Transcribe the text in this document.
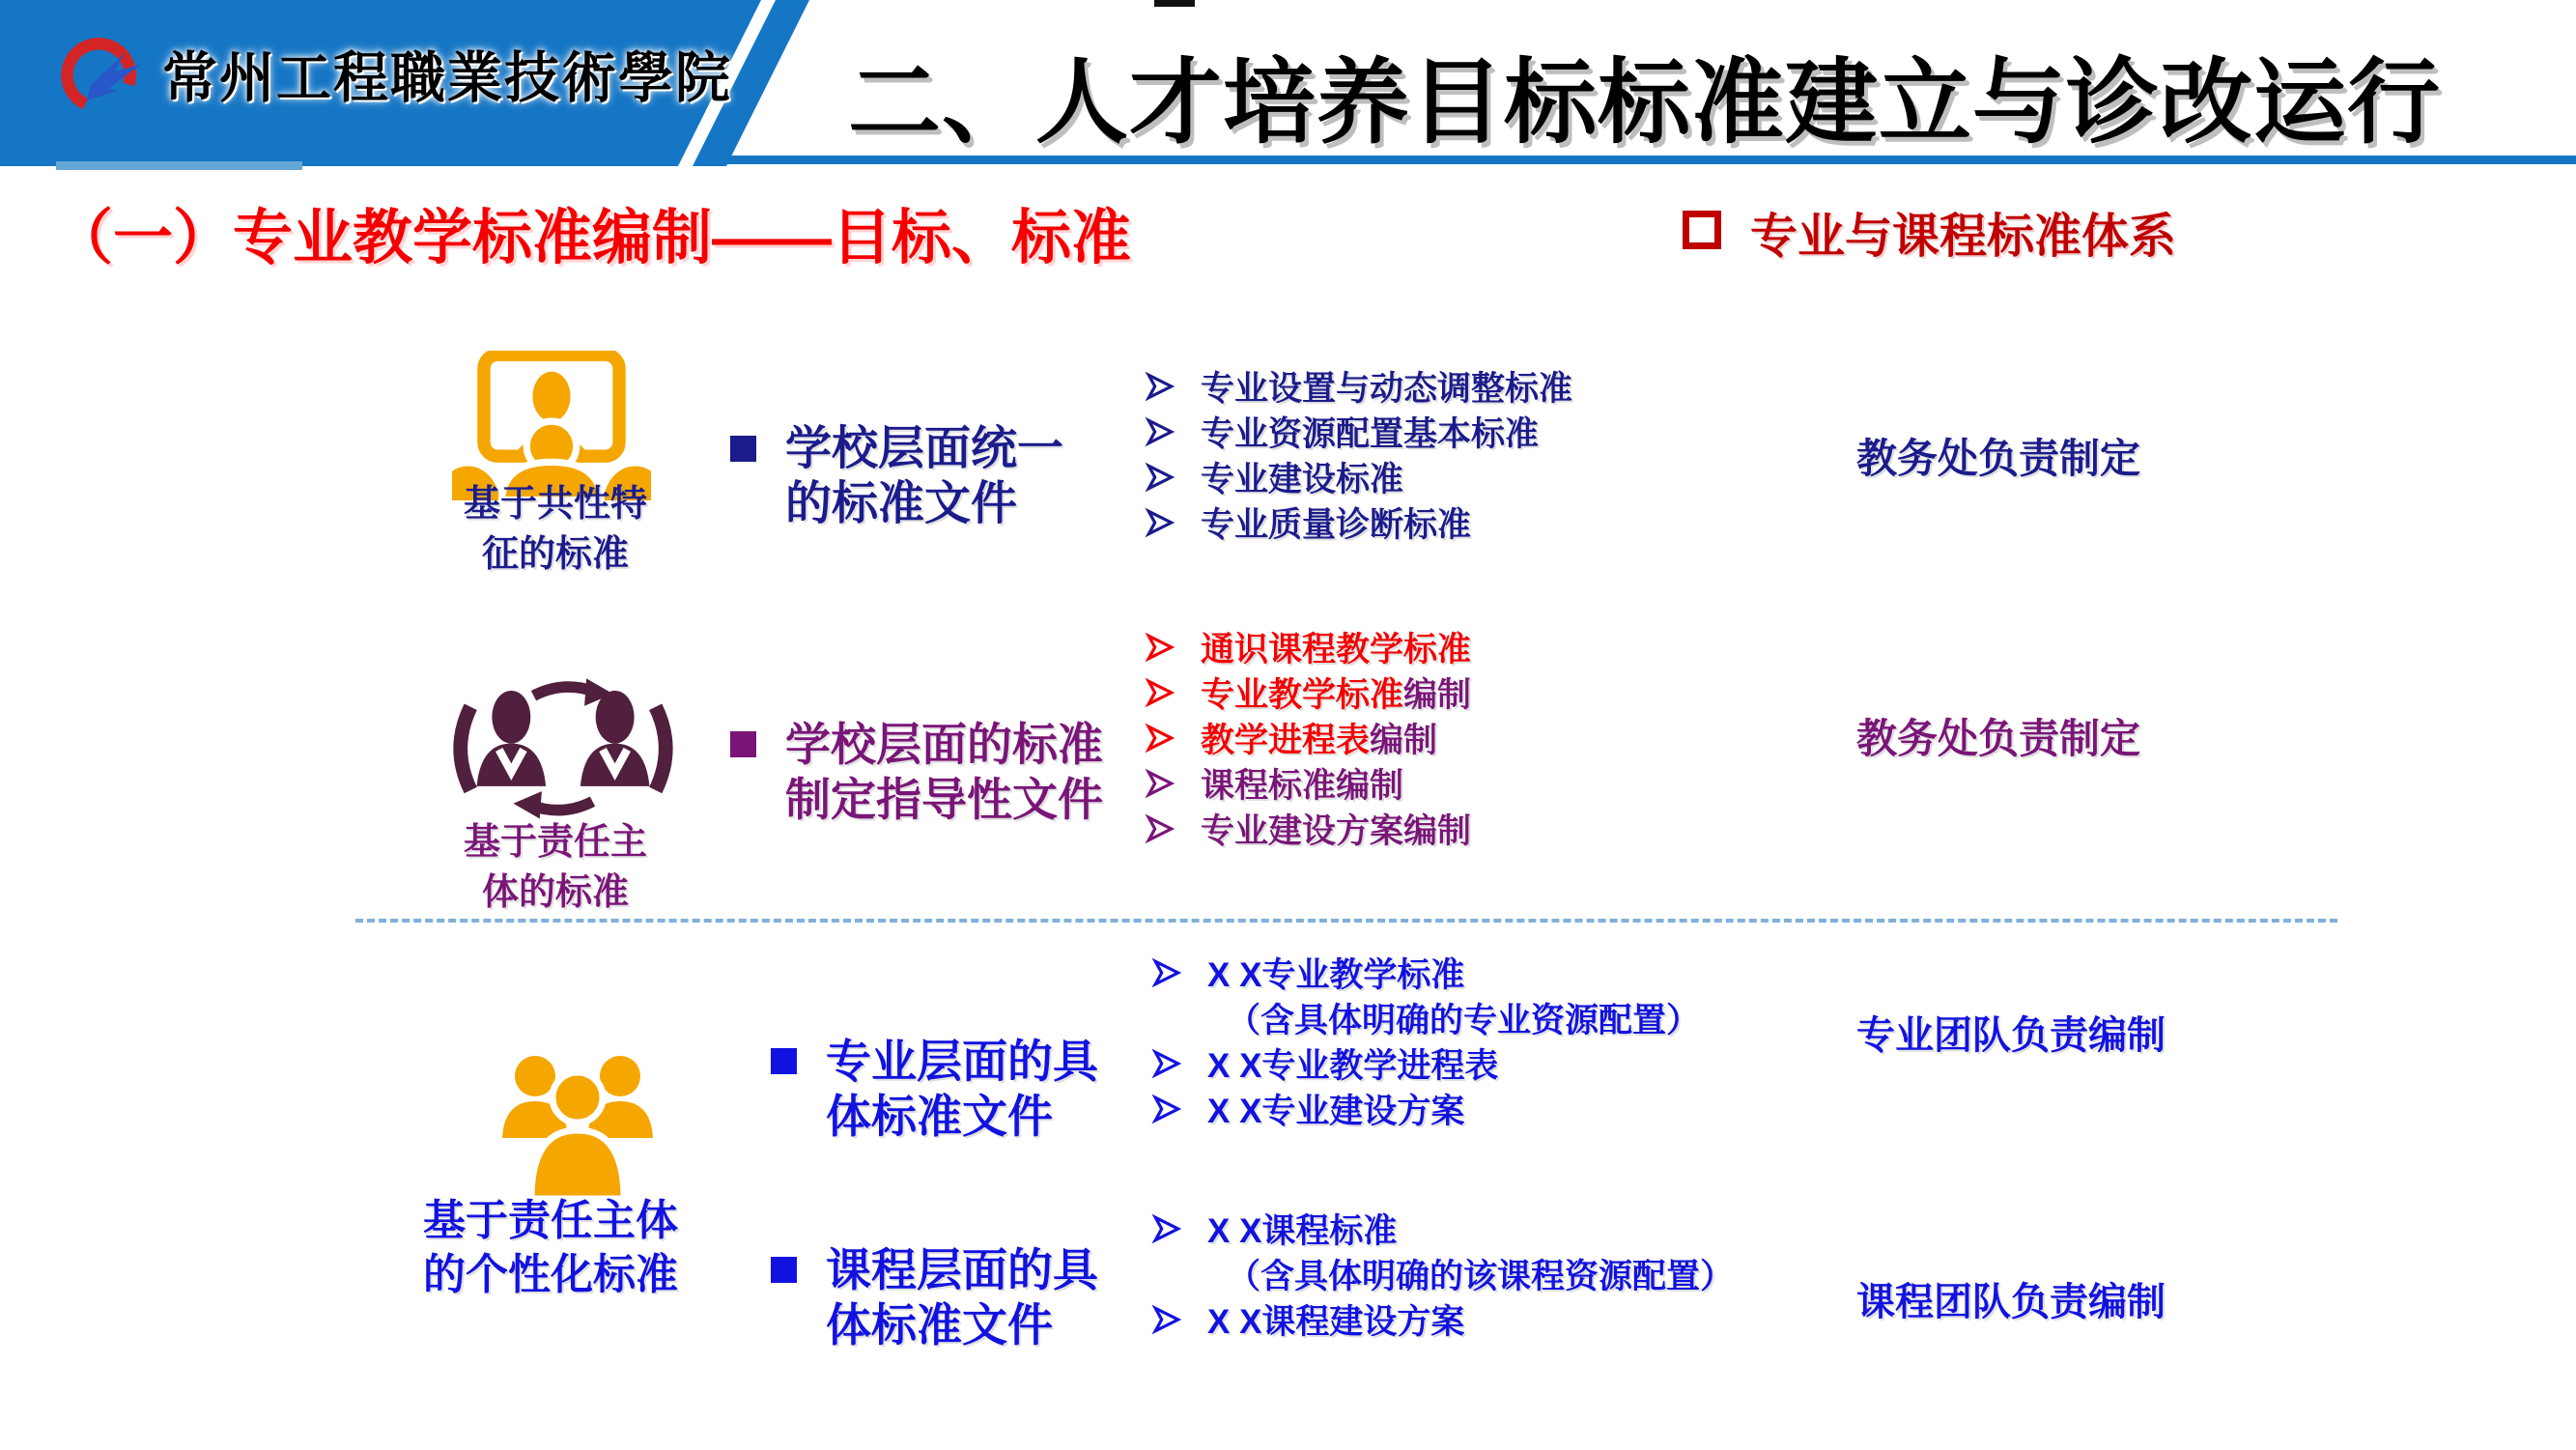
常州工程職業技術學院 二、人才培养目标标准建立与诊改运行
（一）专业教学标准编制——目标、标准	专业与课程标准体系
基于共性特
征的标准
学校层面统一
的标准文件
专业设置与动态调整标准
专业资源配置基本标准
专业建设标准
专业质量诊断标准
教务处负责制定
基于责任主
体的标准
学校层面的标准
制定指导性文件
通识课程教学标准
专业教学标准 编制
教学进程表 编制
课程标准编制
专业建设方案编制
教务处负责制定
基于责任主体
的个性化标准
专业层面的具
体标准文件
X X专业教学标准
（含具体明确的专业资源配置）
X X专业教学进程表
X X专业建设方案
专业团队负责编制
课程层面的具
体标准文件
X X课程标准
（含具体明确的该课程资源配置）
X X课程建设方案	课程团队负责编制
